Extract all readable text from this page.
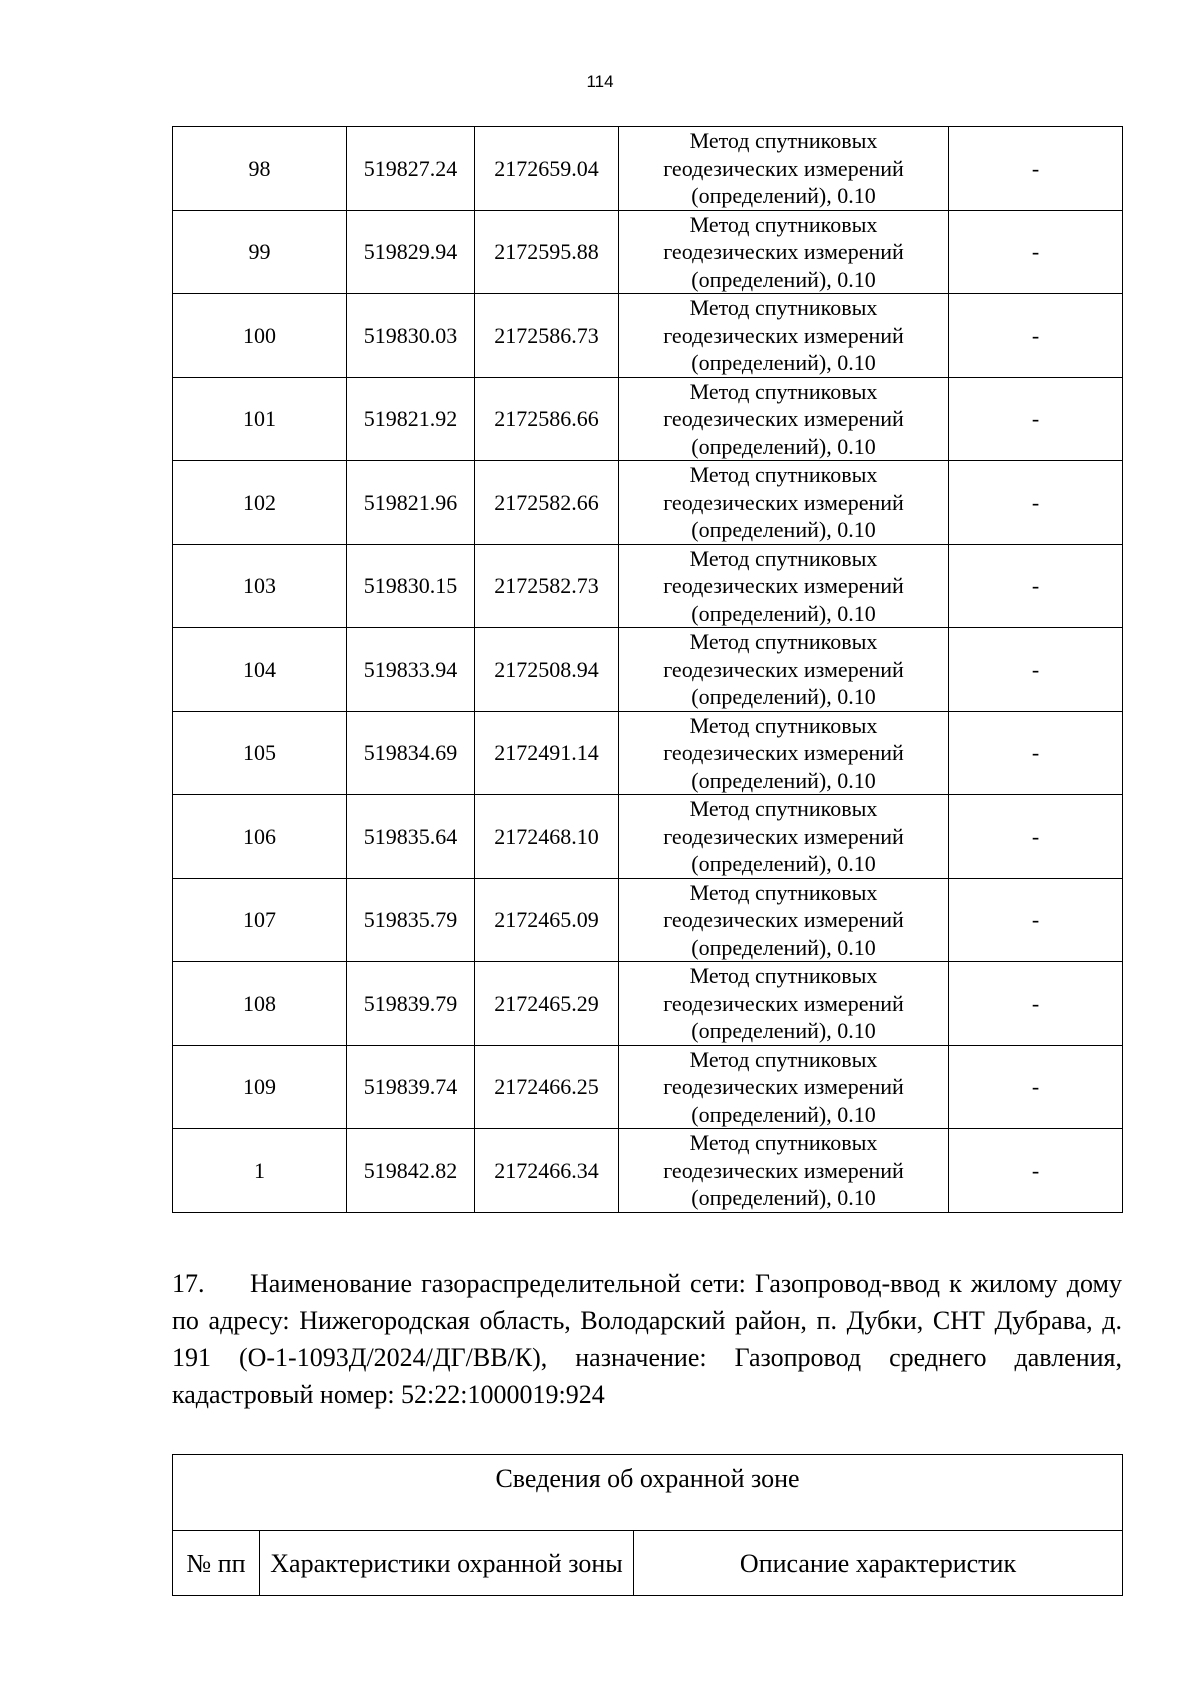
114
98	519827.24	2172659.04	Метод спутниковых
геодезических измерений
(определений), 0.10	-
99	519829.94	2172595.88	Метод спутниковых
геодезических измерений
(определений), 0.10	-
100	519830.03	2172586.73	Метод спутниковых
геодезических измерений
(определений), 0.10	-
101	519821.92	2172586.66	Метод спутниковых
геодезических измерений
(определений), 0.10	-
102	519821.96	2172582.66	Метод спутниковых
геодезических измерений
(определений), 0.10	-
103	519830.15	2172582.73	Метод спутниковых
геодезических измерений
(определений), 0.10	-
104	519833.94	2172508.94	Метод спутниковых
геодезических измерений
(определений), 0.10	-
105	519834.69	2172491.14	Метод спутниковых
геодезических измерений
(определений), 0.10	-
106	519835.64	2172468.10	Метод спутниковых
геодезических измерений
(определений), 0.10	-
107	519835.79	2172465.09	Метод спутниковых
геодезических измерений
(определений), 0.10	-
108	519839.79	2172465.29	Метод спутниковых
геодезических измерений
(определений), 0.10	-
109	519839.74	2172466.25	Метод спутниковых
геодезических измерений
(определений), 0.10	-
1	519842.82	2172466.34	Метод спутниковых
геодезических измерений
(определений), 0.10	-

17. Наименование газораспределительной сети: Газопровод-ввод к жилому дому по адресу: Нижегородская область, Володарский район, п. Дубки, СНТ Дубрава, д. 191 (О-1-1093Д/2024/ДГ/ВВ/К), назначение: Газопровод среднего давления, кадастровый номер: 52:22:1000019:924

Сведения об охранной зоне
№ пп	Характеристики охранной зоны	Описание характеристик
